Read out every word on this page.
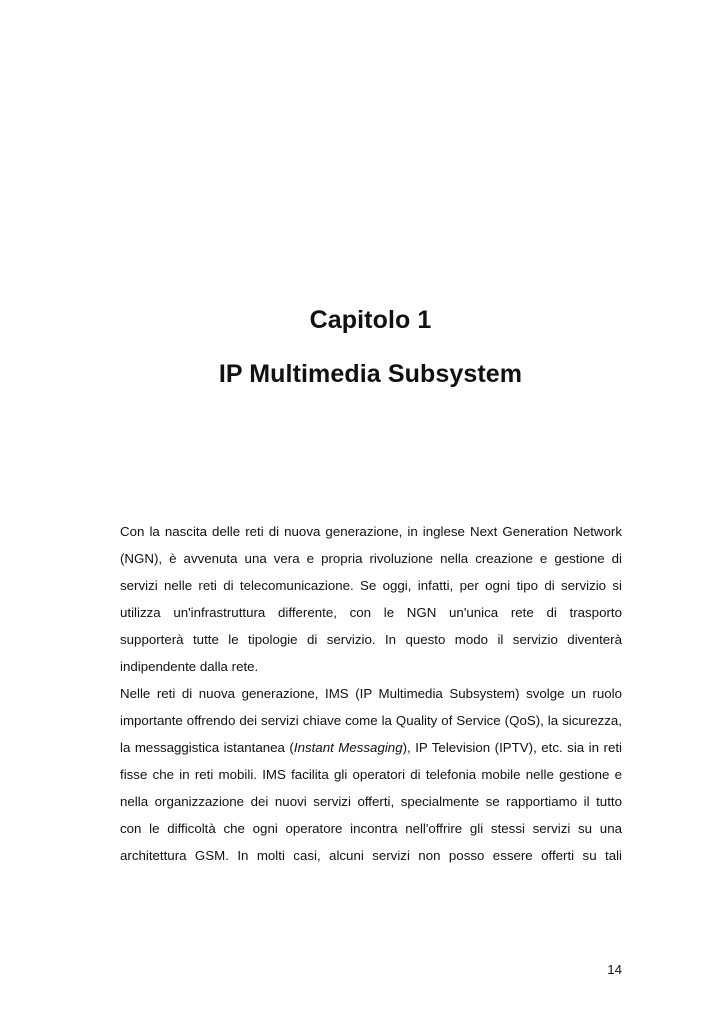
Capitolo 1
IP Multimedia Subsystem
Con la nascita delle reti di nuova generazione, in inglese Next Generation Network
(NGN), è avvenuta una vera e propria rivoluzione nella creazione e gestione di
servizi nelle reti di telecomunicazione. Se oggi, infatti, per ogni tipo di servizio si
utilizza un'infrastruttura differente, con le NGN un'unica rete di trasporto
supporterà tutte le tipologie di servizio. In questo modo il servizio diventerà
indipendente dalla rete.
Nelle reti di nuova generazione, IMS (IP Multimedia Subsystem) svolge un ruolo
importante offrendo dei servizi chiave come la Quality of Service (QoS), la sicurezza,
la messaggistica istantanea (Instant Messaging), IP Television (IPTV), etc. sia in reti
fisse che in reti mobili. IMS facilita gli operatori di telefonia mobile nelle gestione e
nella organizzazione dei nuovi servizi offerti, specialmente se rapportiamo il tutto
con le difficoltà che ogni operatore incontra nell'offrire gli stessi servizi su una
architettura GSM. In molti casi, alcuni servizi non posso essere offerti su tali
14
